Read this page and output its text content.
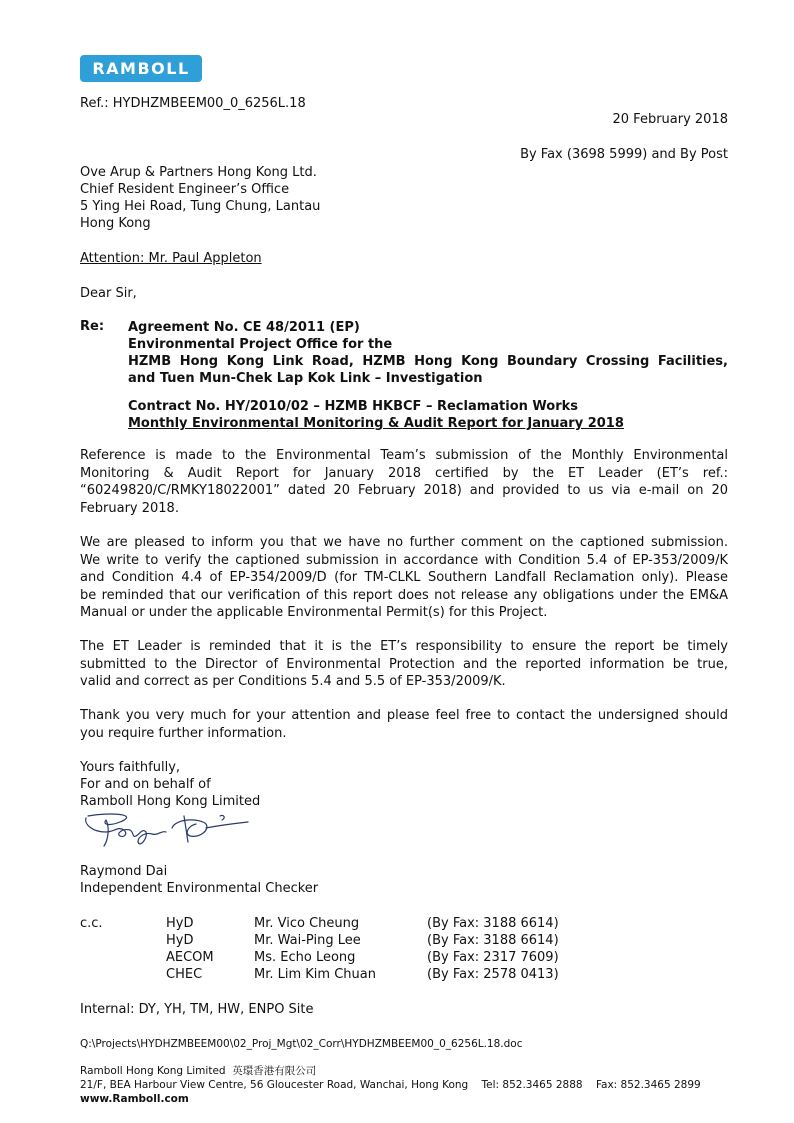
RAMBOLL
Ref.: HYDHZMBEEM00_0_6256L.18
20 February 2018
By Fax (3698 5999) and By Post
Ove Arup & Partners Hong Kong Ltd.
Chief Resident Engineer’s Office
5 Ying Hei Road, Tung Chung, Lantau
Hong Kong
Attention: Mr. Paul Appleton
Dear Sir,
Re: Agreement No. CE 48/2011 (EP)
Environmental Project Office for the
HZMB Hong Kong Link Road, HZMB Hong Kong Boundary Crossing Facilities,
and Tuen Mun-Chek Lap Kok Link – Investigation
Contract No. HY/2010/02 – HZMB HKBCF – Reclamation Works
Monthly Environmental Monitoring & Audit Report for January 2018
Reference is made to the Environmental Team’s submission of the Monthly Environmental
Monitoring & Audit Report for January 2018 certified by the ET Leader (ET’s ref.:
“60249820/C/RMKY18022001” dated 20 February 2018) and provided to us via e-mail on 20
February 2018.
We are pleased to inform you that we have no further comment on the captioned submission.
We write to verify the captioned submission in accordance with Condition 5.4 of EP-353/2009/K
and Condition 4.4 of EP-354/2009/D (for TM-CLKL Southern Landfall Reclamation only). Please
be reminded that our verification of this report does not release any obligations under the EM&A
Manual or under the applicable Environmental Permit(s) for this Project.
The ET Leader is reminded that it is the ET’s responsibility to ensure the report be timely
submitted to the Director of Environmental Protection and the reported information be true,
valid and correct as per Conditions 5.4 and 5.5 of EP-353/2009/K.
Thank you very much for your attention and please feel free to contact the undersigned should
you require further information.
Yours faithfully,
For and on behalf of
Ramboll Hong Kong Limited
Raymond Dai
Independent Environmental Checker
c.c.	HyD	Mr. Vico Cheung	(By Fax: 3188 6614)
HyD	Mr. Wai-Ping Lee	(By Fax: 3188 6614)
AECOM	Ms. Echo Leong	(By Fax: 2317 7609)
CHEC	Mr. Lim Kim Chuan	(By Fax: 2578 0413)
Internal: DY, YH, TM, HW, ENPO Site
Q:\Projects\HYDHZMBEEM00\02_Proj_Mgt\02_Corr\HYDHZMBEEM00_0_6256L.18.doc
Ramboll Hong Kong Limited 英環香港有限公司
21/F, BEA Harbour View Centre, 56 Gloucester Road, Wanchai, Hong Kong Tel: 852.3465 2888 Fax: 852.3465 2899
www.Ramboll.com
